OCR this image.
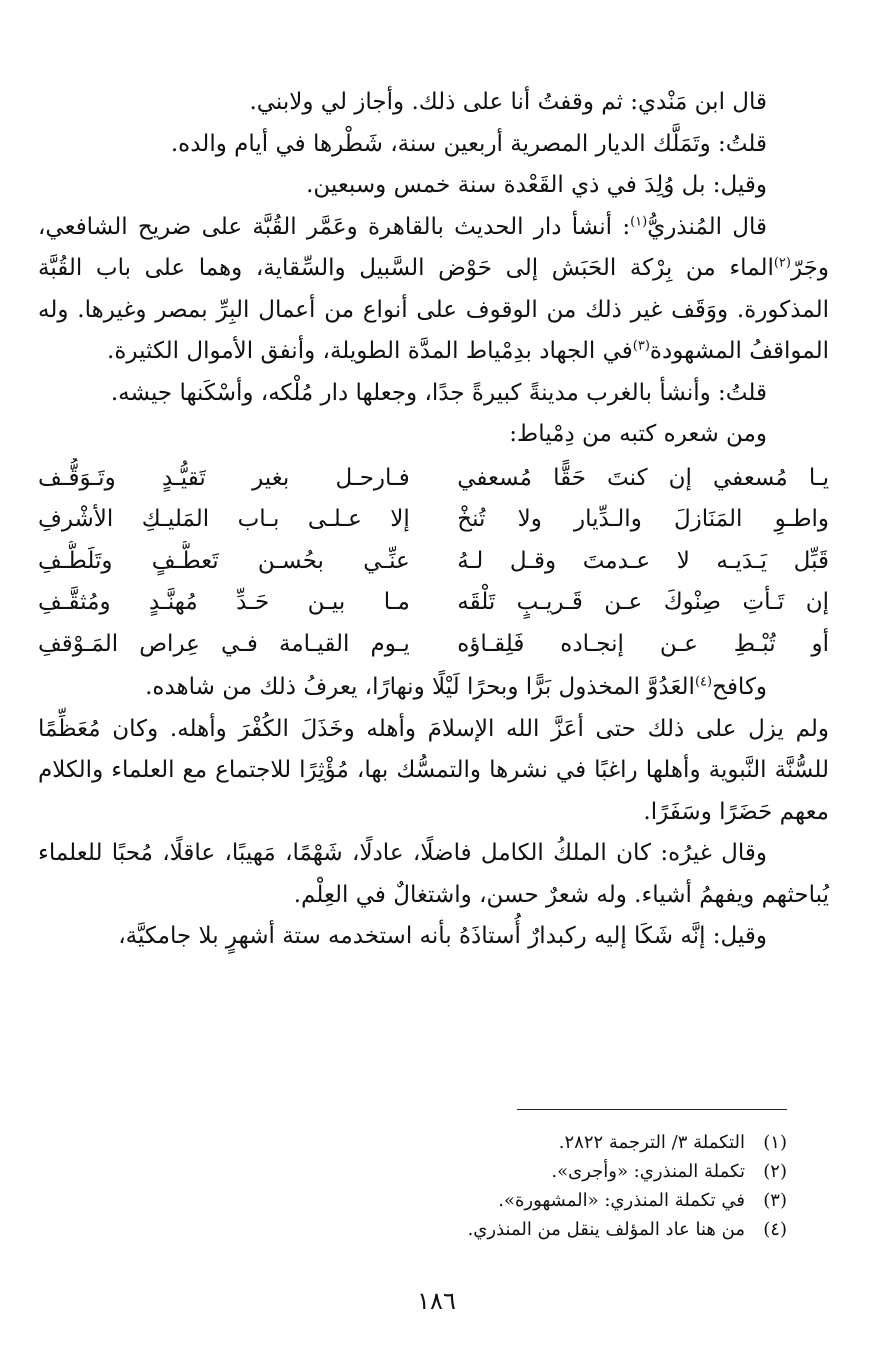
قال ابن مَنْدي: ثم وقفتُ أنا على ذلك. وأجاز لي ولابني.

قلتُ: وتَمَلَّك الديار المصرية أربعين سنة، شَطْرها في أيام والده.

وقيل: بل وُلِدَ في ذي القَعْدة سنة خمس وسبعين.

قال المُنذريُّ$^{(١)}$: أنشأ دار الحديث بالقاهرة وعَمَّر القُبَّة على ضريح الشافعي، وجَرّ$^{(٢)}$الماء من بِرْكة الحَبَش إلى حَوْض السَّبيل والسِّقاية، وهما على باب القُبَّة المذكورة. ووَقَف غير ذلك من الوقوف على أنواع من أعمال البِرِّ بمصر وغيرها. وله المواقفُ المشهودة$^{(٣)}$في الجهاد بدِمْياط المدَّة الطويلة، وأنفق الأموال الكثيرة.

قلتُ: وأنشأ بالغرب مدينةً كبيرةً جدًا، وجعلها دار مُلْكه، وأسْكَنها جيشه.

ومن شعره كتبه من دِمْياط:

يـا مُسعفي إن كنتَ حَقًّا مُسعفي
فـارحـل بغير تَقيُّـدٍ وتَـوَقُّـف
واطـوِ المَنَازلَ والـدِّيار ولا تُنخْ
إلا عـلـى بـاب المَليـكِ الأشْرفِ
قَبِّل يَـدَيـه لا عـدمتَ وقـل لـهُ
عنِّـي بحُسـن تَعطُّـفٍ وتَلَطُّـفِ
إن تَـأتِ صِنْوكَ عـن قَـريـبٍ تَلْقَه
مـا بيـن حَـدِّ مُهنَّـدٍ ومُثقَّـفِ
أو تُبْـطِ عـن إنجـاده فَلِقـاؤه
يـوم القيـامة فـي عِراص المَـوْقفِ

وكافح$^{(٤)}$العَدُوَّ المخذول بَرًّا وبحرًا لَيْلًا ونهارًا، يعرفُ ذلك من شاهده.

ولم يزل على ذلك حتى أعَزَّ الله الإسلامَ وأهله وخَذَلَ الكُفْرَ وأهله. وكان مُعَظِّمًا للسُّنَّة النَّبوية وأهلها راغبًا في نشرها والتمسُّك بها، مُؤْثِرًا للاجتماع مع العلماء والكلام معهم حَضَرًا وسَفَرًا.

وقال غيرُه: كان الملكُ الكامل فاضلًا، عادلًا، شَهْمًا، مَهيبًا، عاقلًا، مُحبًا للعلماء يُباحثهم ويفهمُ أشياء. وله شعرٌ حسن، واشتغالٌ في العِلْم.

وقيل: إنَّه شَكَا إليه ركبدارٌ أُستاذَهُ بأنه استخدمه ستة أشهرٍ بلا جامكيَّة،

(١)
التكملة ٣/ الترجمة ٢٨٢٢.
(٢)
تكملة المنذري: «وأجرى».
(٣)
في تكملة المنذري: «المشهورة».
(٤)
من هنا عاد المؤلف ينقل من المنذري.
١٨٦
